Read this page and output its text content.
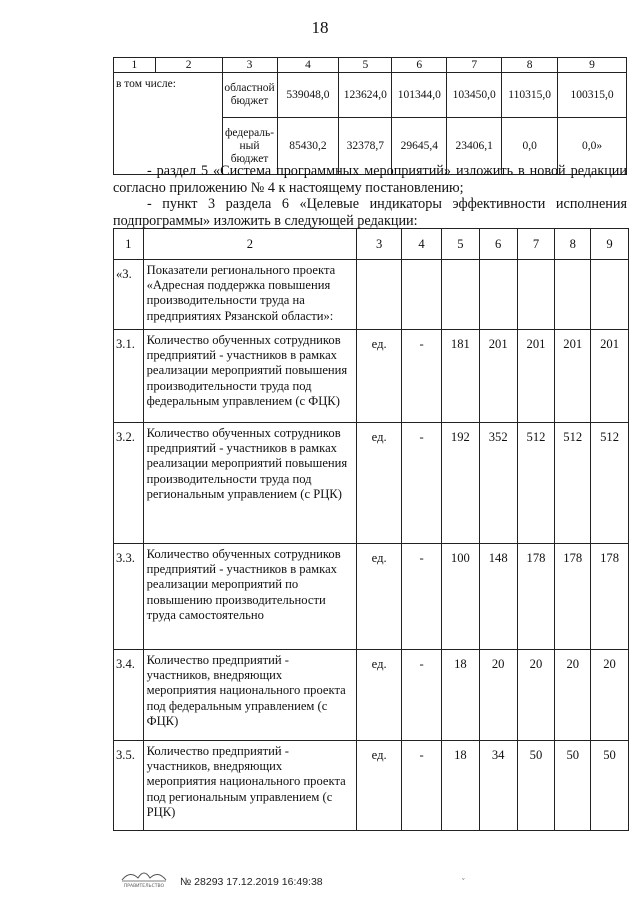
18
1	2	3	4	5	6	7	8	9
в том числе:		областной бюджет	539048,0	123624,0	101344,0	103450,0	110315,0	100315,0
		федераль-ный бюджет	85430,2	32378,7	29645,4	23406,1	0,0	0,0»
- раздел 5 «Система программных мероприятий» изложить в новой редакции согласно приложению № 4 к настоящему постановлению;
- пункт 3 раздела 6 «Целевые индикаторы эффективности исполнения подпрограммы» изложить в следующей редакции:
1	2	3	4	5	6	7	8	9
«3.	Показатели регионального проекта «Адресная поддержка повышения производительности труда на предприятиях Рязанской области»:							
3.1.	Количество обученных сотрудников предприятий - участников в рамках реализации мероприятий повышения производительности труда под федеральным управлением (с ФЦК)	ед.	-	181	201	201	201	201
3.2.	Количество обученных сотрудников предприятий - участников в рамках реализации мероприятий повышения производительности труда под региональным управлением (с РЦК)	ед.	-	192	352	512	512	512
3.3.	Количество обученных сотрудников предприятий - участников в рамках реализации мероприятий по повышению производительности труда самостоятельно	ед.	-	100	148	178	178	178
3.4.	Количество предприятий - участников, внедряющих мероприятия национального проекта под федеральным управлением (с ФЦК)	ед.	-	18	20	20	20	20
3.5.	Количество предприятий - участников, внедряющих мероприятия национального проекта под региональным управлением (с РЦК)	ед.	-	18	34	50	50	50
ПРАВИТЕЛЬСТВО № 28293 17.12.2019 16:49:38	ˇ
